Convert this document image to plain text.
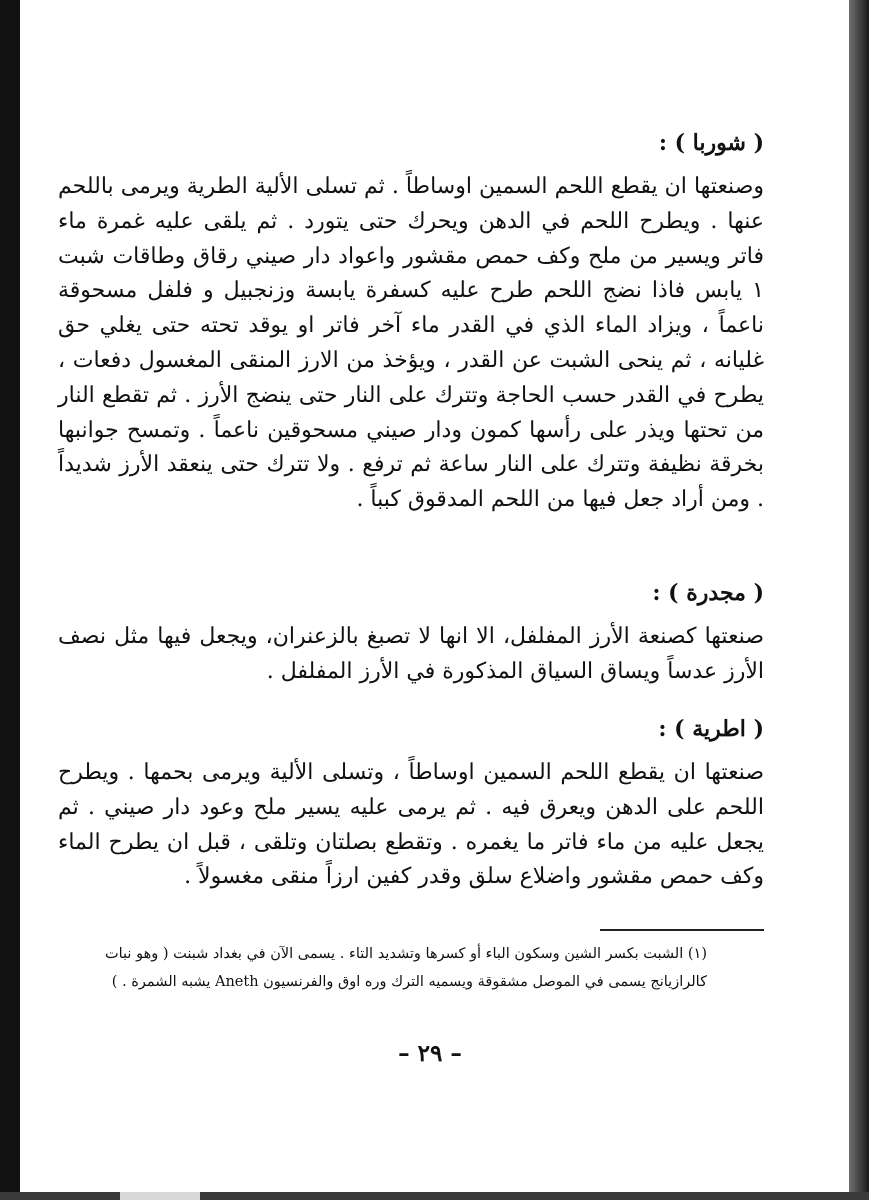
( شوربا ) :
وصنعتها ان يقطع اللحم السمين اوساطاً . ثم تسلى الألية الطرية ويرمى باللحم عنها . ويطرح اللحم في الدهن ويحرك حتى يتورد . ثم يلقى عليه غمرة ماء فاتر ويسير من ملح وكف حمص مقشور واعواد دار صيني رقاق وطاقات شبت ١ يابس فاذا نضج اللحم طرح عليه كسفرة يابسة وزنجبيل و فلفل مسحوقة ناعماً ، ويزاد الماء الذي في القدر ماء آخر فاتر او يوقد تحته حتى يغلي حق غليانه ، ثم ينحى الشبت عن القدر ، ويؤخذ من الارز المنقى المغسول دفعات ، يطرح في القدر حسب الحاجة وتترك على النار حتى ينضج الأرز . ثم تقطع النار من تحتها ويذر على رأسها كمون ودار صيني مسحوقين ناعماً . وتمسح جوانبها بخرقة نظيفة وتترك على النار ساعة ثم ترفع . ولا تترك حتى ينعقد الأرز شديداً . ومن أراد جعل فيها من اللحم المدقوق كبباً .
( مجدرة ) :
صنعتها كصنعة الأرز المفلفل، الا انها لا تصبغ بالزعنران، ويجعل فيها مثل نصف الأرز عدساً ويساق السياق المذكورة في الأرز المفلفل .
( اطرية ) :
صنعتها ان يقطع اللحم السمين اوساطاً ، وتسلى الألية ويرمى بحمها . ويطرح اللحم على الدهن ويعرق فيه . ثم يرمى عليه يسير ملح وعود دار صيني . ثم يجعل عليه من ماء فاتر ما يغمره . وتقطع بصلتان وتلقى ، قبل ان يطرح الماء وكف حمص مقشور واضلاع سلق وقدر كفين ارزاً منقى مغسولاً .
(١) الشبت بكسر الشين وسكون الباء أو كسرها وتشديد التاء . يسمى الآن في بغداد شبنت ( وهو نبات كالرازيانج يسمى في الموصل مشقوقة ويسميه الترك وره اوق والفرنسيون Aneth يشبه الشمرة . )
– ٢٩ –
